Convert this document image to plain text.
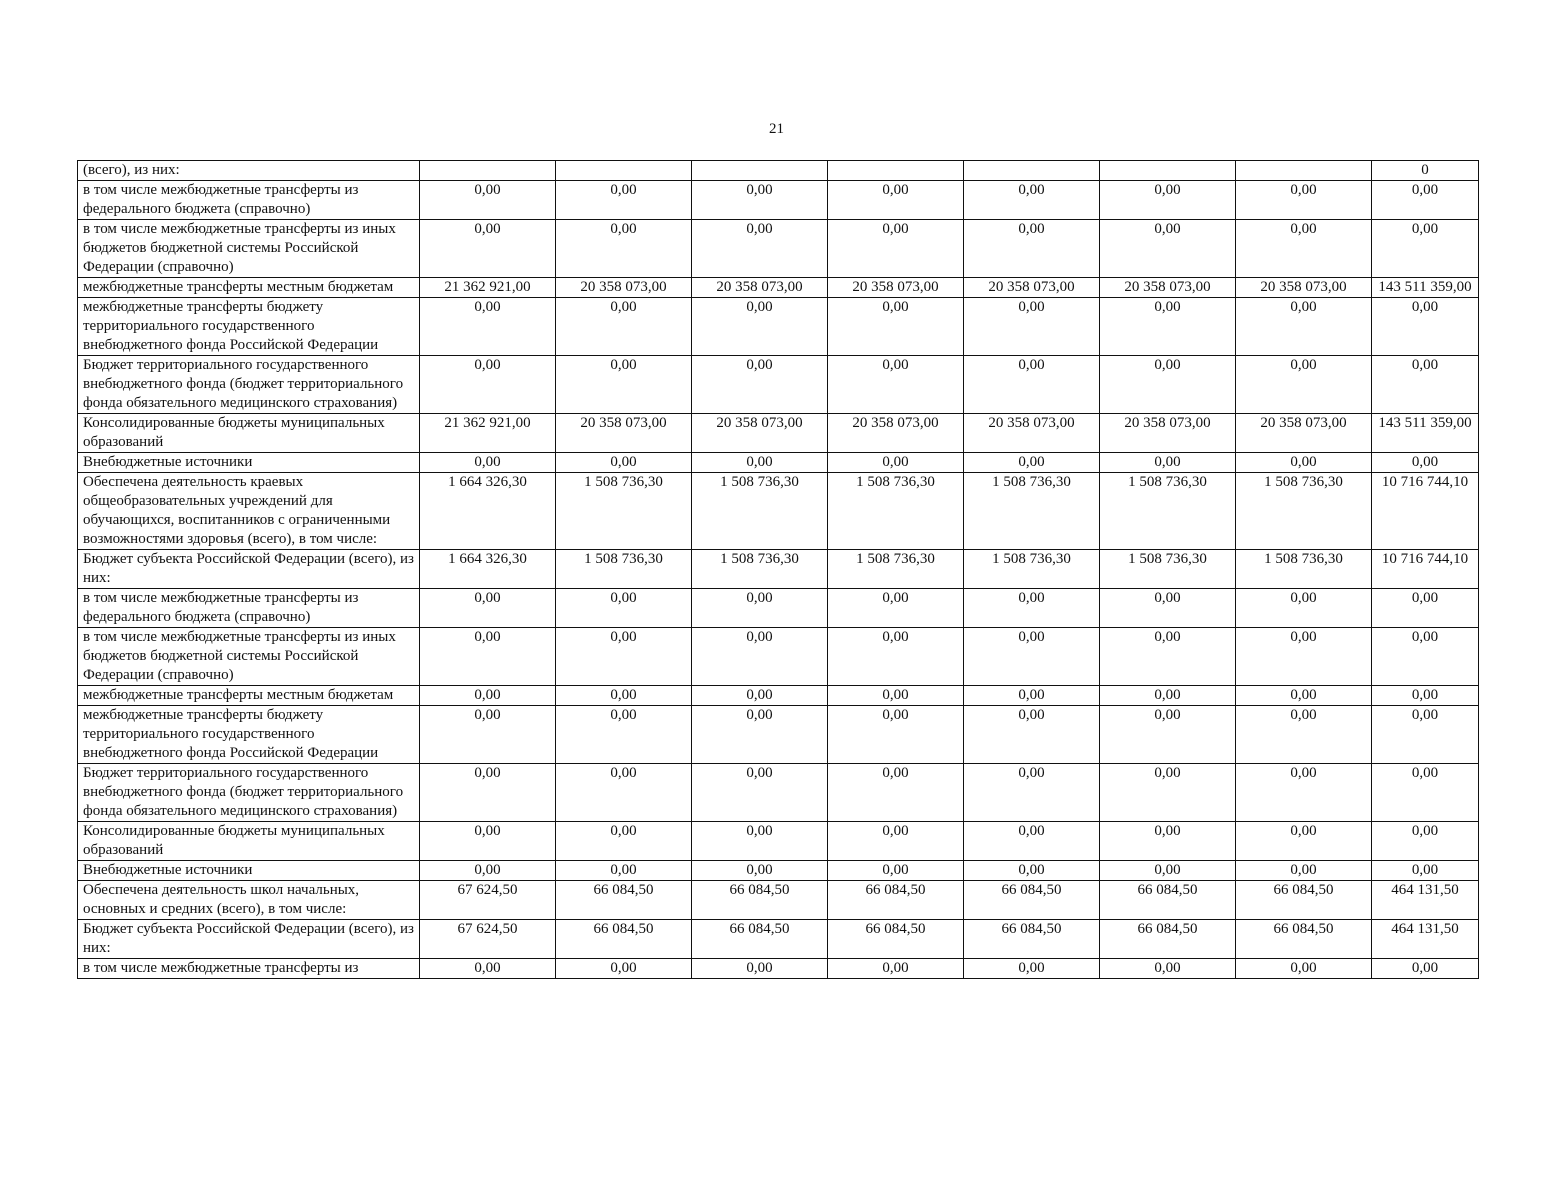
21
(всего), из них:								0
в том числе межбюджетные трансферты из федерального бюджета (справочно)	0,00	0,00	0,00	0,00	0,00	0,00	0,00	0,00
в том числе межбюджетные трансферты из иных бюджетов бюджетной системы Российской Федерации (справочно)	0,00	0,00	0,00	0,00	0,00	0,00	0,00	0,00
межбюджетные трансферты местным бюджетам	21 362 921,00	20 358 073,00	20 358 073,00	20 358 073,00	20 358 073,00	20 358 073,00	20 358 073,00	143 511 359,00
межбюджетные трансферты бюджету территориального государственного внебюджетного фонда Российской Федерации	0,00	0,00	0,00	0,00	0,00	0,00	0,00	0,00
Бюджет территориального государственного внебюджетного фонда (бюджет территориального фонда обязательного медицинского страхования)	0,00	0,00	0,00	0,00	0,00	0,00	0,00	0,00
Консолидированные бюджеты муниципальных образований	21 362 921,00	20 358 073,00	20 358 073,00	20 358 073,00	20 358 073,00	20 358 073,00	20 358 073,00	143 511 359,00
Внебюджетные источники	0,00	0,00	0,00	0,00	0,00	0,00	0,00	0,00
Обеспечена деятельность краевых общеобразовательных учреждений для обучающихся, воспитанников с ограниченными возможностями здоровья (всего), в том числе:	1 664 326,30	1 508 736,30	1 508 736,30	1 508 736,30	1 508 736,30	1 508 736,30	1 508 736,30	10 716 744,10
Бюджет субъекта Российской Федерации (всего), из них:	1 664 326,30	1 508 736,30	1 508 736,30	1 508 736,30	1 508 736,30	1 508 736,30	1 508 736,30	10 716 744,10
в том числе межбюджетные трансферты из федерального бюджета (справочно)	0,00	0,00	0,00	0,00	0,00	0,00	0,00	0,00
в том числе межбюджетные трансферты из иных бюджетов бюджетной системы Российской Федерации (справочно)	0,00	0,00	0,00	0,00	0,00	0,00	0,00	0,00
межбюджетные трансферты местным бюджетам	0,00	0,00	0,00	0,00	0,00	0,00	0,00	0,00
межбюджетные трансферты бюджету территориального государственного внебюджетного фонда Российской Федерации	0,00	0,00	0,00	0,00	0,00	0,00	0,00	0,00
Бюджет территориального государственного внебюджетного фонда (бюджет территориального фонда обязательного медицинского страхования)	0,00	0,00	0,00	0,00	0,00	0,00	0,00	0,00
Консолидированные бюджеты муниципальных образований	0,00	0,00	0,00	0,00	0,00	0,00	0,00	0,00
Внебюджетные источники	0,00	0,00	0,00	0,00	0,00	0,00	0,00	0,00
Обеспечена деятельность школ начальных, основных и средних (всего), в том числе:	67 624,50	66 084,50	66 084,50	66 084,50	66 084,50	66 084,50	66 084,50	464 131,50
Бюджет субъекта Российской Федерации (всего), из них:	67 624,50	66 084,50	66 084,50	66 084,50	66 084,50	66 084,50	66 084,50	464 131,50
в том числе межбюджетные трансферты из	0,00	0,00	0,00	0,00	0,00	0,00	0,00	0,00
